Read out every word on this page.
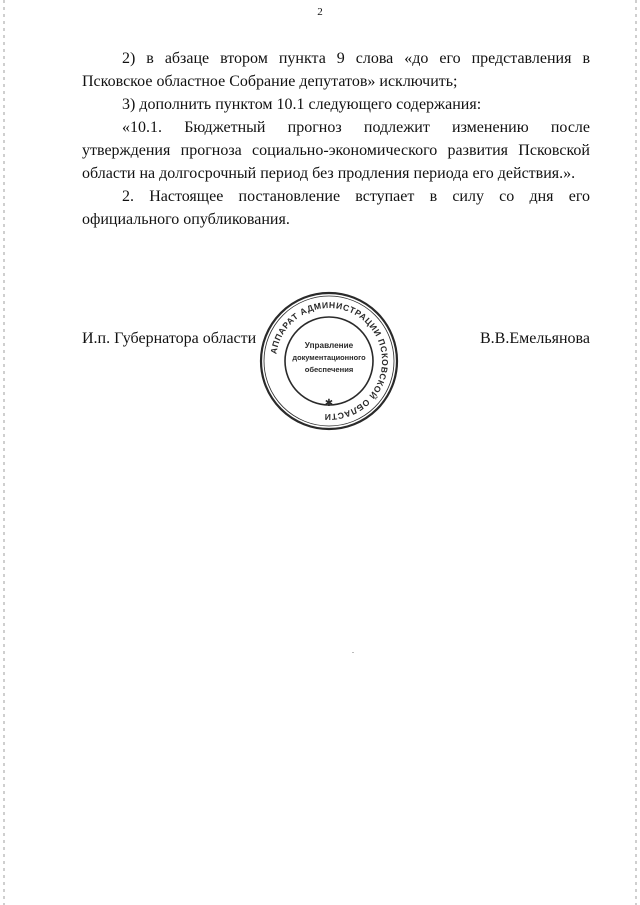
2

2) в абзаце втором пункта 9 слова «до его представления в Псковское областное Собрание депутатов» исключить;

3) дополнить пунктом 10.1 следующего содержания:

«10.1. Бюджетный прогноз подлежит изменению после утверждения прогноза социально-экономического развития Псковской области на долгосрочный период без продления периода его действия.».

2. Настоящее постановление вступает в силу со дня его официального опубликования.

И.п. Губернатора области	В.В.Емельянова
АППАРАТ АДМИНИСТРАЦИИ ПСКОВСКОЙ ОБЛАСТИ
Управление
документационного
обеспечения
✱
